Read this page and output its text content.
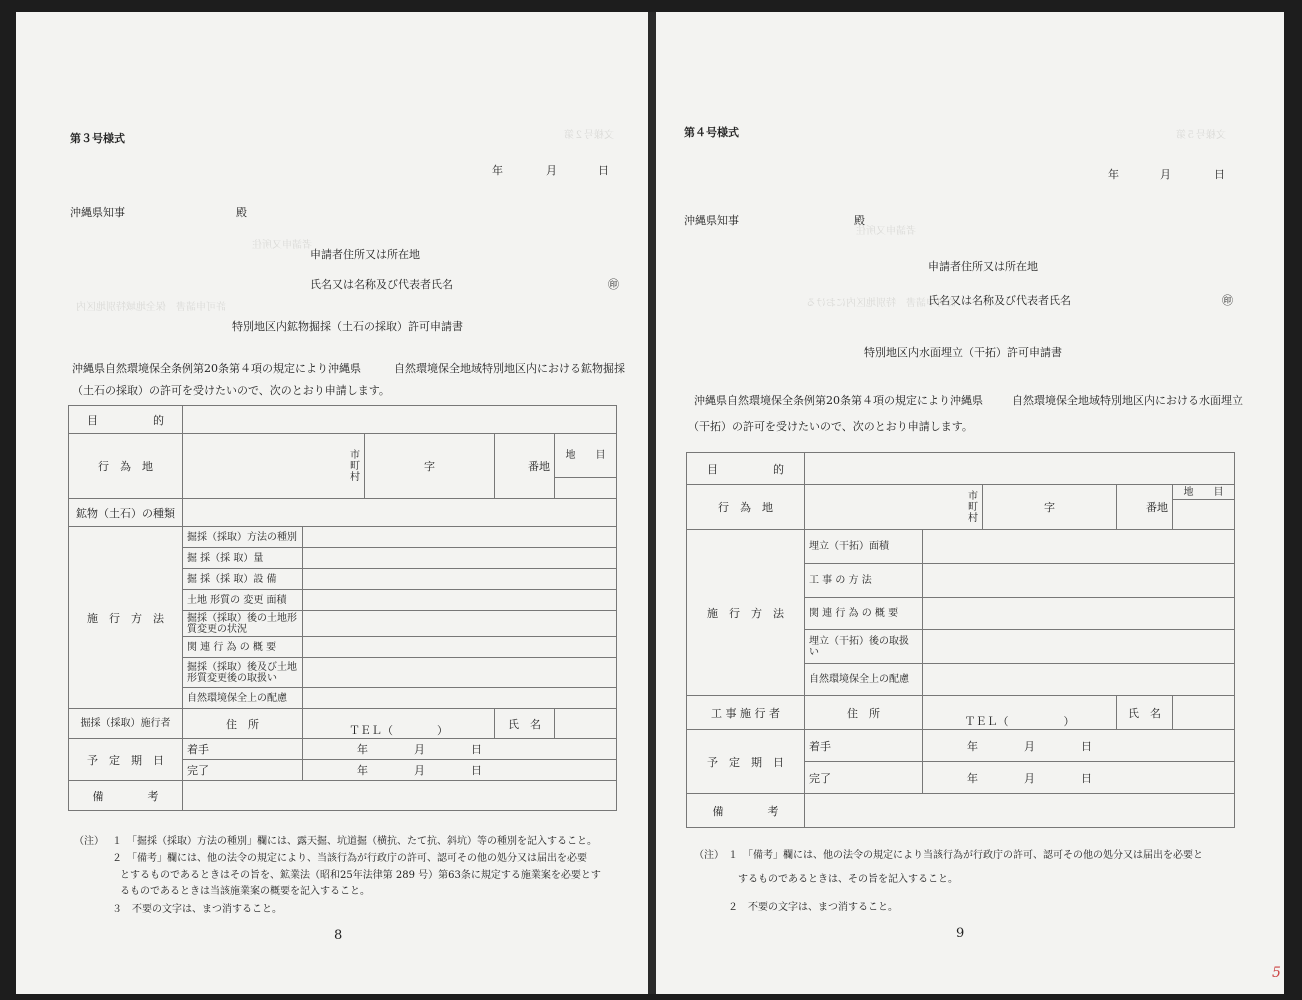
文様号２第
者請申又所住
許可申請書　保全地域特別地区内
第３号様式
年	月	日
沖縄県知事	殿
申請者住所又は所在地
氏名又は名称及び代表者氏名	㊞
特別地区内鉱物掘採（土石の採取）許可申請書
沖縄県自然環境保全条例第20条第４項の規定により沖縄県	自然環境保全地域特別地区内における鉱物掘採
（土石の採取）の許可を受けたいので、次のとおり申請します。
目　　　　　的					
行　為　地	市町村		字	番地	地　　目

鉱物（土石）の種類					
施　行　方　法	掘採（採取）方法の種別				
	掘 採（採 取）量				
	掘 採（採 取）設 備				
	土地 形質の 変更 面積				
	掘採（採取）後の土地形質変更の状況				
	関 連 行 為 の 概 要				
	掘採（採取）後及び土地形質変更後の取扱い				
	自然環境保全上の配慮				
掘採（採取）施行者	住　所	ＴＥＬ（　　　　）		氏　名	
予　定　期　日	着手	年 月 日			
	完了	年 月 日			
備　　　　考					
（注） １　「掘採（採取）方法の種別」欄には、露天掘、坑道掘（横抗、たて抗、斜坑）等の種別を記入すること。
２　「備考」欄には、他の法令の規定により、当該行為が行政庁の許可、認可その他の処分又は届出を必要
とするものであるときはその旨を、鉱業法（昭和25年法律第 289 号）第63条に規定する施業案を必要とす
るものであるときは当該施業案の概要を記入すること。
３　不要の文字は、まつ消すること。
8
文様号５第
者請申又所住
許可申請書　特別地区内における
第４号様式
年	月	日
沖縄県知事	殿
申請者住所又は所在地
氏名又は名称及び代表者氏名	㊞
特別地区内水面埋立（干拓）許可申請書
沖縄県自然環境保全条例第20条第４項の規定により沖縄県	自然環境保全地域特別地区内における水面埋立
（干拓）の許可を受けたいので、次のとおり申請します。
目　　　　　的					
行　為　地	市町村		字	番地	地　　目

施　行　方　法	埋立（干拓）面積				
	工 事 の 方 法				
	関 連 行 為 の 概 要				
	埋立（干拓）後の取扱い				
	自然環境保全上の配慮				
工 事 施 行 者	住　所	ＴＥＬ（　　　　　）		氏　名	
予　定　期　日	着手	年 月 日			
	完了	年 月 日			
備　　　　考					
（注） １　「備考」欄には、他の法令の規定により当該行為が行政庁の許可、認可その他の処分又は届出を必要と
するものであるときは、その旨を記入すること。
２　不要の文字は、まつ消すること。
9
5
